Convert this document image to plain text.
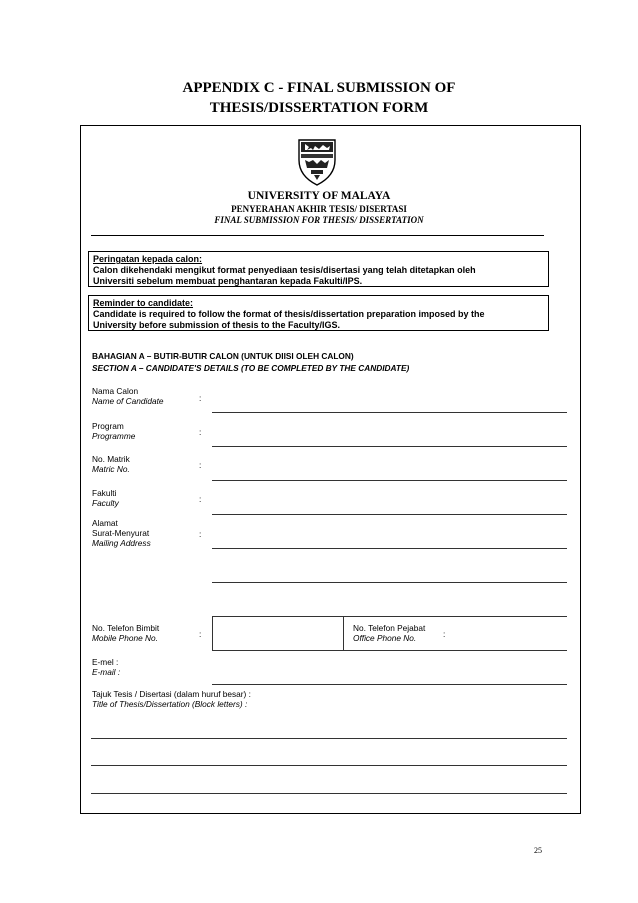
APPENDIX C - FINAL SUBMISSION OF
THESIS/DISSERTATION FORM
UNIVERSITY OF MALAYA
PENYERAHAN AKHIR TESIS/ DISERTASI
FINAL SUBMISSION FOR THESIS/ DISSERTATION
Peringatan kepada calon:
Calon dikehendaki mengikut format penyediaan tesis/disertasi yang telah ditetapkan oleh
Universiti sebelum membuat penghantaran kepada Fakulti/IPS.
Reminder to candidate:
Candidate is required to follow the format of thesis/dissertation preparation imposed by the
University before submission of thesis to the Faculty/IGS.
BAHAGIAN A – BUTIR-BUTIR CALON (UNTUK DIISI OLEH CALON)
SECTION A – CANDIDATE'S DETAILS (TO BE COMPLETED BY THE CANDIDATE)
Nama Calon
Name of Candidate	:
Program
Programme	:
No. Matrik
Matric No.	:
Fakulti
Faculty	:
Alamat
Surat-Menyurat
Mailing Address
:
No. Telefon Bimbit
Mobile Phone No.	:
No. Telefon Pejabat
Office Phone No.	:
E-mel :
E-mail :
Tajuk Tesis / Disertasi (dalam huruf besar) :
Title of Thesis/Dissertation (Block letters) :
25
